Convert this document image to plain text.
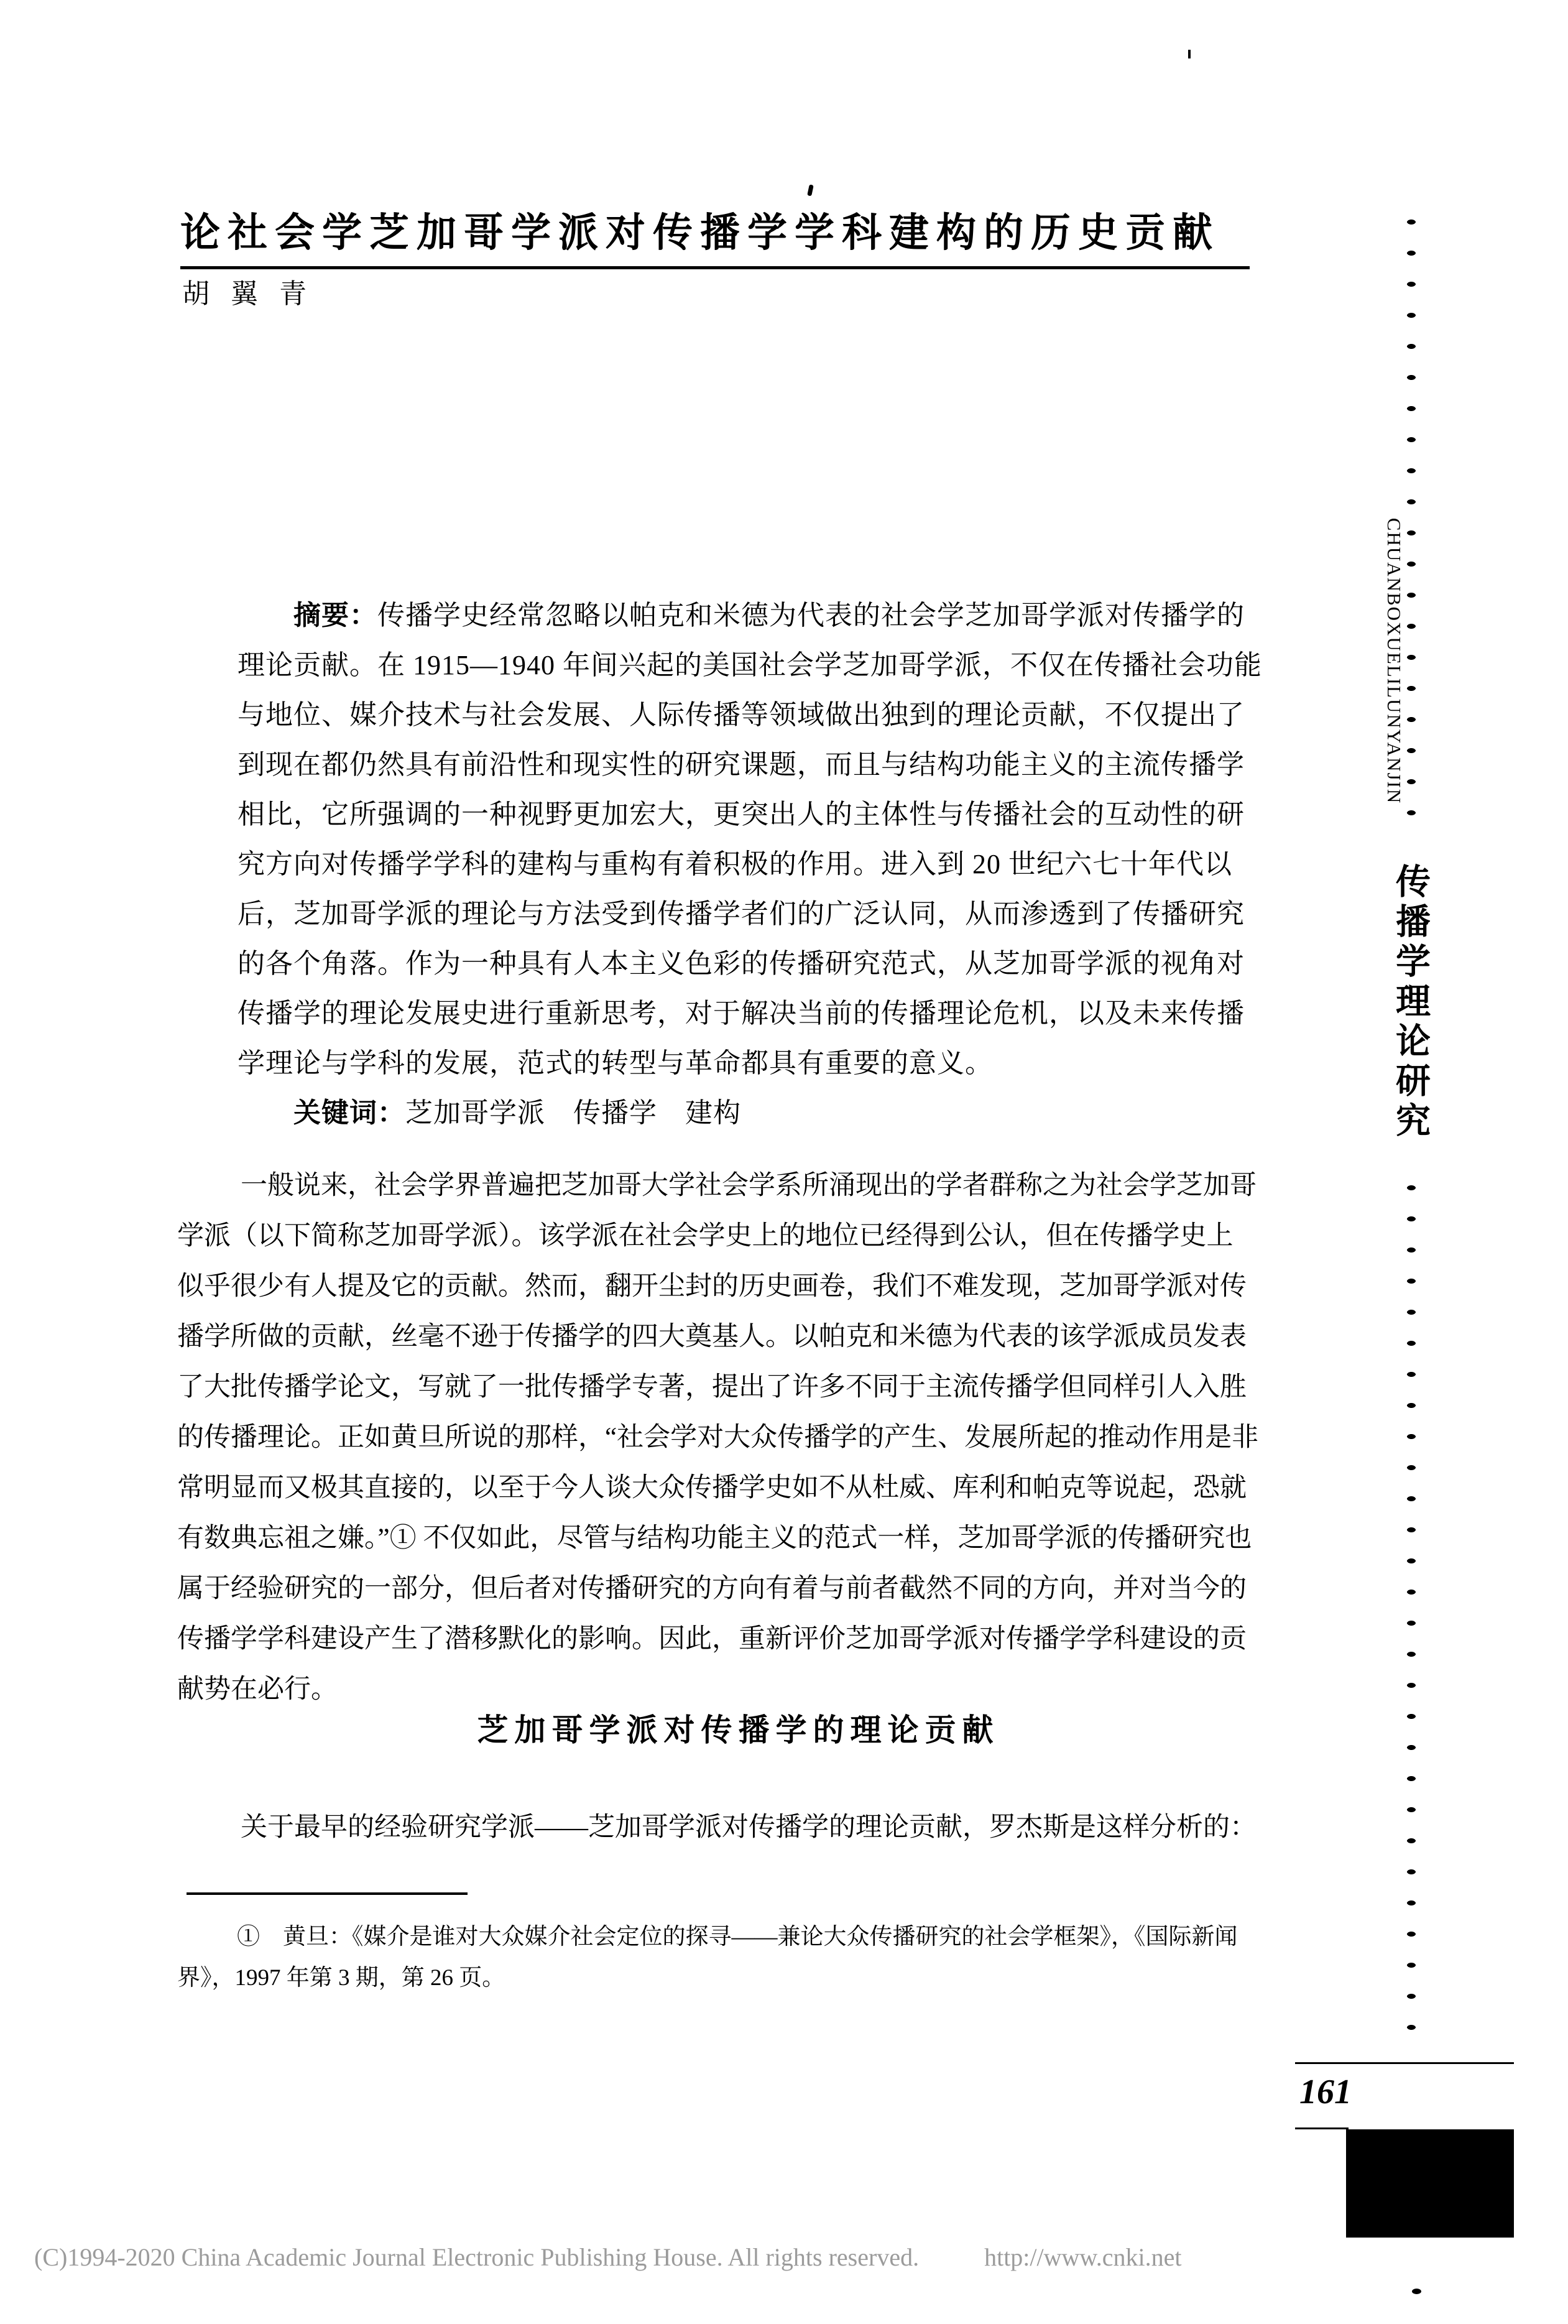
论社会学芝加哥学派对传播学学科建构的历史贡献
胡翼青
摘要：传播学史经常忽略以帕克和米德为代表的社会学芝加哥学派对传播学的
理论贡献。在 1915—1940 年间兴起的美国社会学芝加哥学派，不仅在传播社会功能
与地位、媒介技术与社会发展、人际传播等领域做出独到的理论贡献，不仅提出了
到现在都仍然具有前沿性和现实性的研究课题，而且与结构功能主义的主流传播学
相比，它所强调的一种视野更加宏大，更突出人的主体性与传播社会的互动性的研
究方向对传播学学科的建构与重构有着积极的作用。进入到 20 世纪六七十年代以
后，芝加哥学派的理论与方法受到传播学者们的广泛认同，从而渗透到了传播研究
的各个角落。作为一种具有人本主义色彩的传播研究范式，从芝加哥学派的视角对
传播学的理论发展史进行重新思考，对于解决当前的传播理论危机，以及未来传播
学理论与学科的发展，范式的转型与革命都具有重要的意义。
关键词：芝加哥学派　传播学　建构
一般说来，社会学界普遍把芝加哥大学社会学系所涌现出的学者群称之为社会学芝加哥
学派（以下简称芝加哥学派）。该学派在社会学史上的地位已经得到公认，但在传播学史上
似乎很少有人提及它的贡献。然而，翻开尘封的历史画卷，我们不难发现，芝加哥学派对传
播学所做的贡献，丝毫不逊于传播学的四大奠基人。以帕克和米德为代表的该学派成员发表
了大批传播学论文，写就了一批传播学专著，提出了许多不同于主流传播学但同样引人入胜
的传播理论。正如黄旦所说的那样，“社会学对大众传播学的产生、发展所起的推动作用是非
常明显而又极其直接的，以至于今人谈大众传播学史如不从杜威、库利和帕克等说起，恐就
有数典忘祖之嫌。”① 不仅如此，尽管与结构功能主义的范式一样，芝加哥学派的传播研究也
属于经验研究的一部分，但后者对传播研究的方向有着与前者截然不同的方向，并对当今的
传播学学科建设产生了潜移默化的影响。因此，重新评价芝加哥学派对传播学学科建设的贡
献势在必行。
芝加哥学派对传播学的理论贡献
关于最早的经验研究学派——芝加哥学派对传播学的理论贡献，罗杰斯是这样分析的：
①　黄旦：《媒介是谁对大众媒介社会定位的探寻——兼论大众传播研究的社会学框架》，《国际新闻
界》，1997 年第 3 期，第 26 页。
CHUANBOXUELILUNYANJIN
传播学理论研究
161
(C)1994-2020 China Academic Journal Electronic Publishing House. All rights reserved.	http://www.cnki.net
